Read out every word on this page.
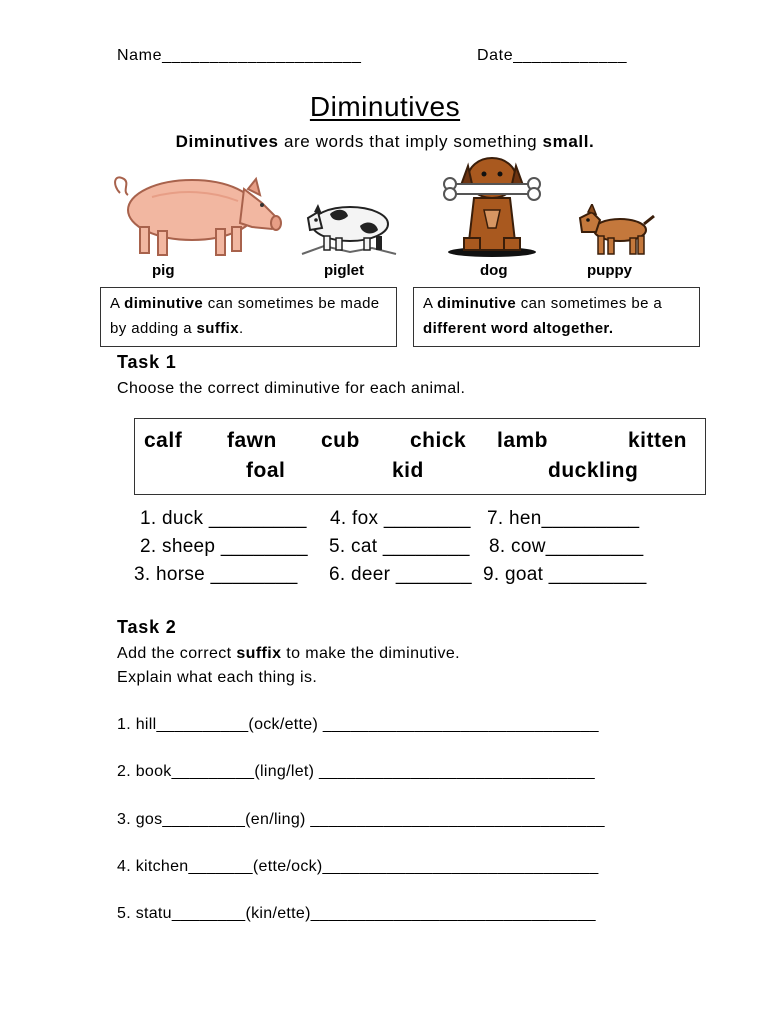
Name_____________________	Date____________
Diminutives
Diminutives are words that imply something small.
pig	piglet	dog	puppy
A diminutive can sometimes be made by adding a suffix.
A diminutive can sometimes be a different word altogether.
Task 1
Choose the correct diminutive for each animal.
calf fawn cub chick lamb	kitten
foal	kid	duckling
1. duck _________
2. sheep ________
3. horse ________
4. fox ________
5. cat ________
6. deer _______
7. hen_________
8. cow_________
9. goat _________
Task 2
Add the correct suffix to make the diminutive.
Explain what each thing is.
1. hill__________(ock/ette) ______________________________
2. book_________(ling/let) ______________________________
3. gos_________(en/ling) ________________________________
4. kitchen_______(ette/ock)______________________________
5. statu________(kin/ette)_______________________________
